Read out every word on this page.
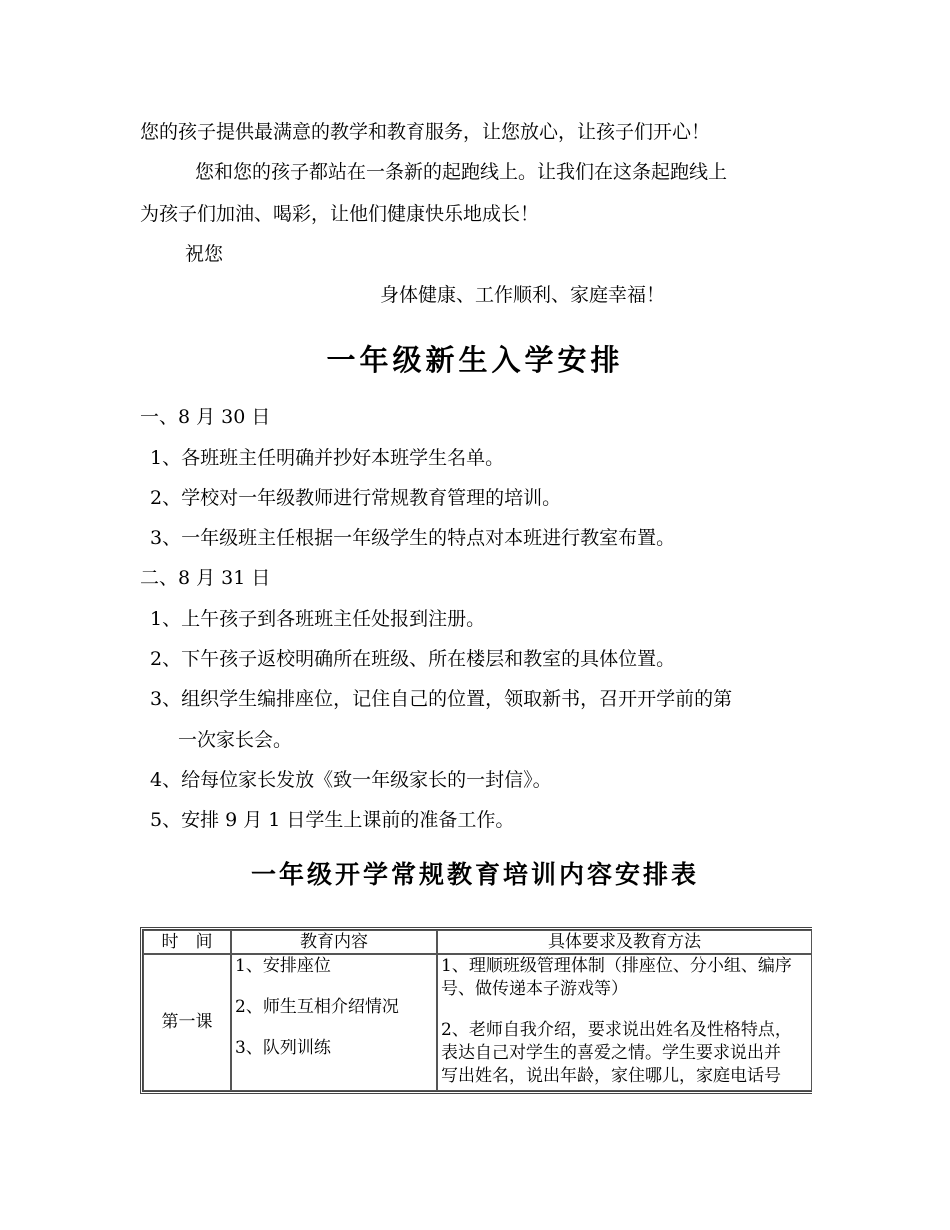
您的孩子提供最满意的教学和教育服务，让您放心，让孩子们开心！
您和您的孩子都站在一条新的起跑线上。让我们在这条起跑线上
为孩子们加油、喝彩，让他们健康快乐地成长！
祝您
身体健康、工作顺利、家庭幸福！
一年级新生入学安排
一、8 月 30 日
1、各班班主任明确并抄好本班学生名单。
2、学校对一年级教师进行常规教育管理的培训。
3、一年级班主任根据一年级学生的特点对本班进行教室布置。
二、8 月 31 日
1、上午孩子到各班班主任处报到注册。
2、下午孩子返校明确所在班级、所在楼层和教室的具体位置。
3、组织学生编排座位，记住自己的位置，领取新书，召开开学前的第
一次家长会。
4、给每位家长发放《致一年级家长的一封信》。
5、安排 9 月 1 日学生上课前的准备工作。
一年级开学常规教育培训内容安排表
时　间	教育内容	具体要求及教育方法
第一课	1、安排座位
2、师生互相介绍情况
3、队列训练	1、理顺班级管理体制（排座位、分小组、编序
号、做传递本子游戏等）
2、老师自我介绍，要求说出姓名及性格特点，
表达自己对学生的喜爱之情。学生要求说出并
写出姓名，说出年龄，家住哪儿，家庭电话号
